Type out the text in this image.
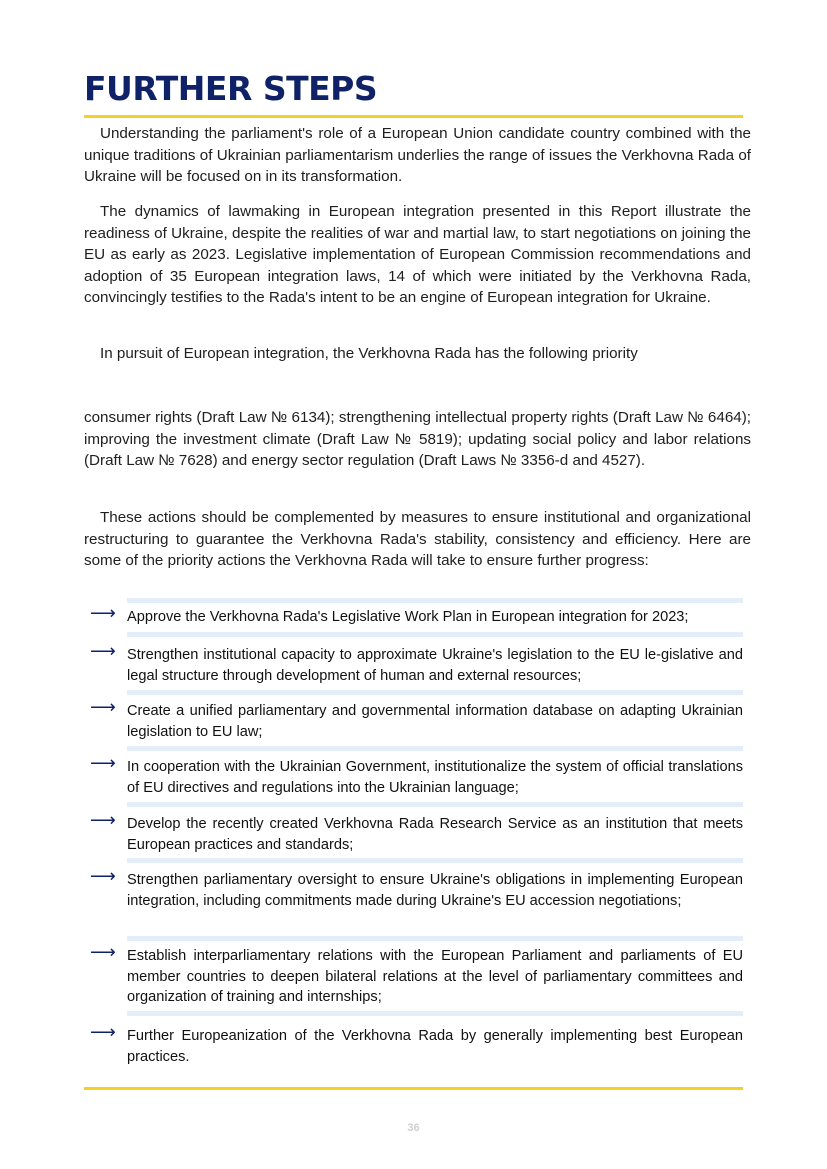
FURTHER STEPS

Understanding the parliament's role of a European Union candidate country combined with the unique traditions of Ukrainian parliamentarism underlies the range of issues the Verkhovna Rada of Ukraine will be focused on in its transformation.

The dynamics of lawmaking in European integration presented in this Report illustrate the readiness of Ukraine, despite the realities of war and martial law, to start negotiations on joining the EU as early as 2023. Legislative implementation of European Commission recommendations and adoption of 35 European integration laws, 14 of which were initiated by the Verkhovna Rada, convincingly testifies to the Rada's intent to be an engine of European integration for Ukraine.

In pursuit of European integration, the Verkhovna Rada has the following priority

consumer rights (Draft Law № 6134); strengthening intellectual property rights (Draft Law № 6464); improving the investment climate (Draft Law № 5819); updating social policy and labor relations (Draft Law № 7628) and energy sector regulation (Draft Laws № 3356-d and 4527).

These actions should be complemented by measures to ensure institutional and organizational restructuring to guarantee the Verkhovna Rada's stability, consistency and efficiency. Here are some of the priority actions the Verkhovna Rada will take to ensure further progress:

⟶ Approve the Verkhovna Rada's Legislative Work Plan in European integration for 2023;

⟶ Strengthen institutional capacity to approximate Ukraine's legislation to the EU le-gislative and legal structure through development of human and external resources;

⟶ Create a unified parliamentary and governmental information database on adapting Ukrainian legislation to EU law;

⟶ In cooperation with the Ukrainian Government, institutionalize the system of official translations of EU directives and regulations into the Ukrainian language;

⟶ Develop the recently created Verkhovna Rada Research Service as an institution that meets European practices and standards;

⟶ Strengthen parliamentary oversight to ensure Ukraine's obligations in implementing European integration, including commitments made during Ukraine's EU accession negotiations;

⟶ Establish interparliamentary relations with the European Parliament and parliaments of EU member countries to deepen bilateral relations at the level of parliamentary committees and organization of training and internships;

⟶ Further Europeanization of the Verkhovna Rada by generally implementing best European practices.

36
